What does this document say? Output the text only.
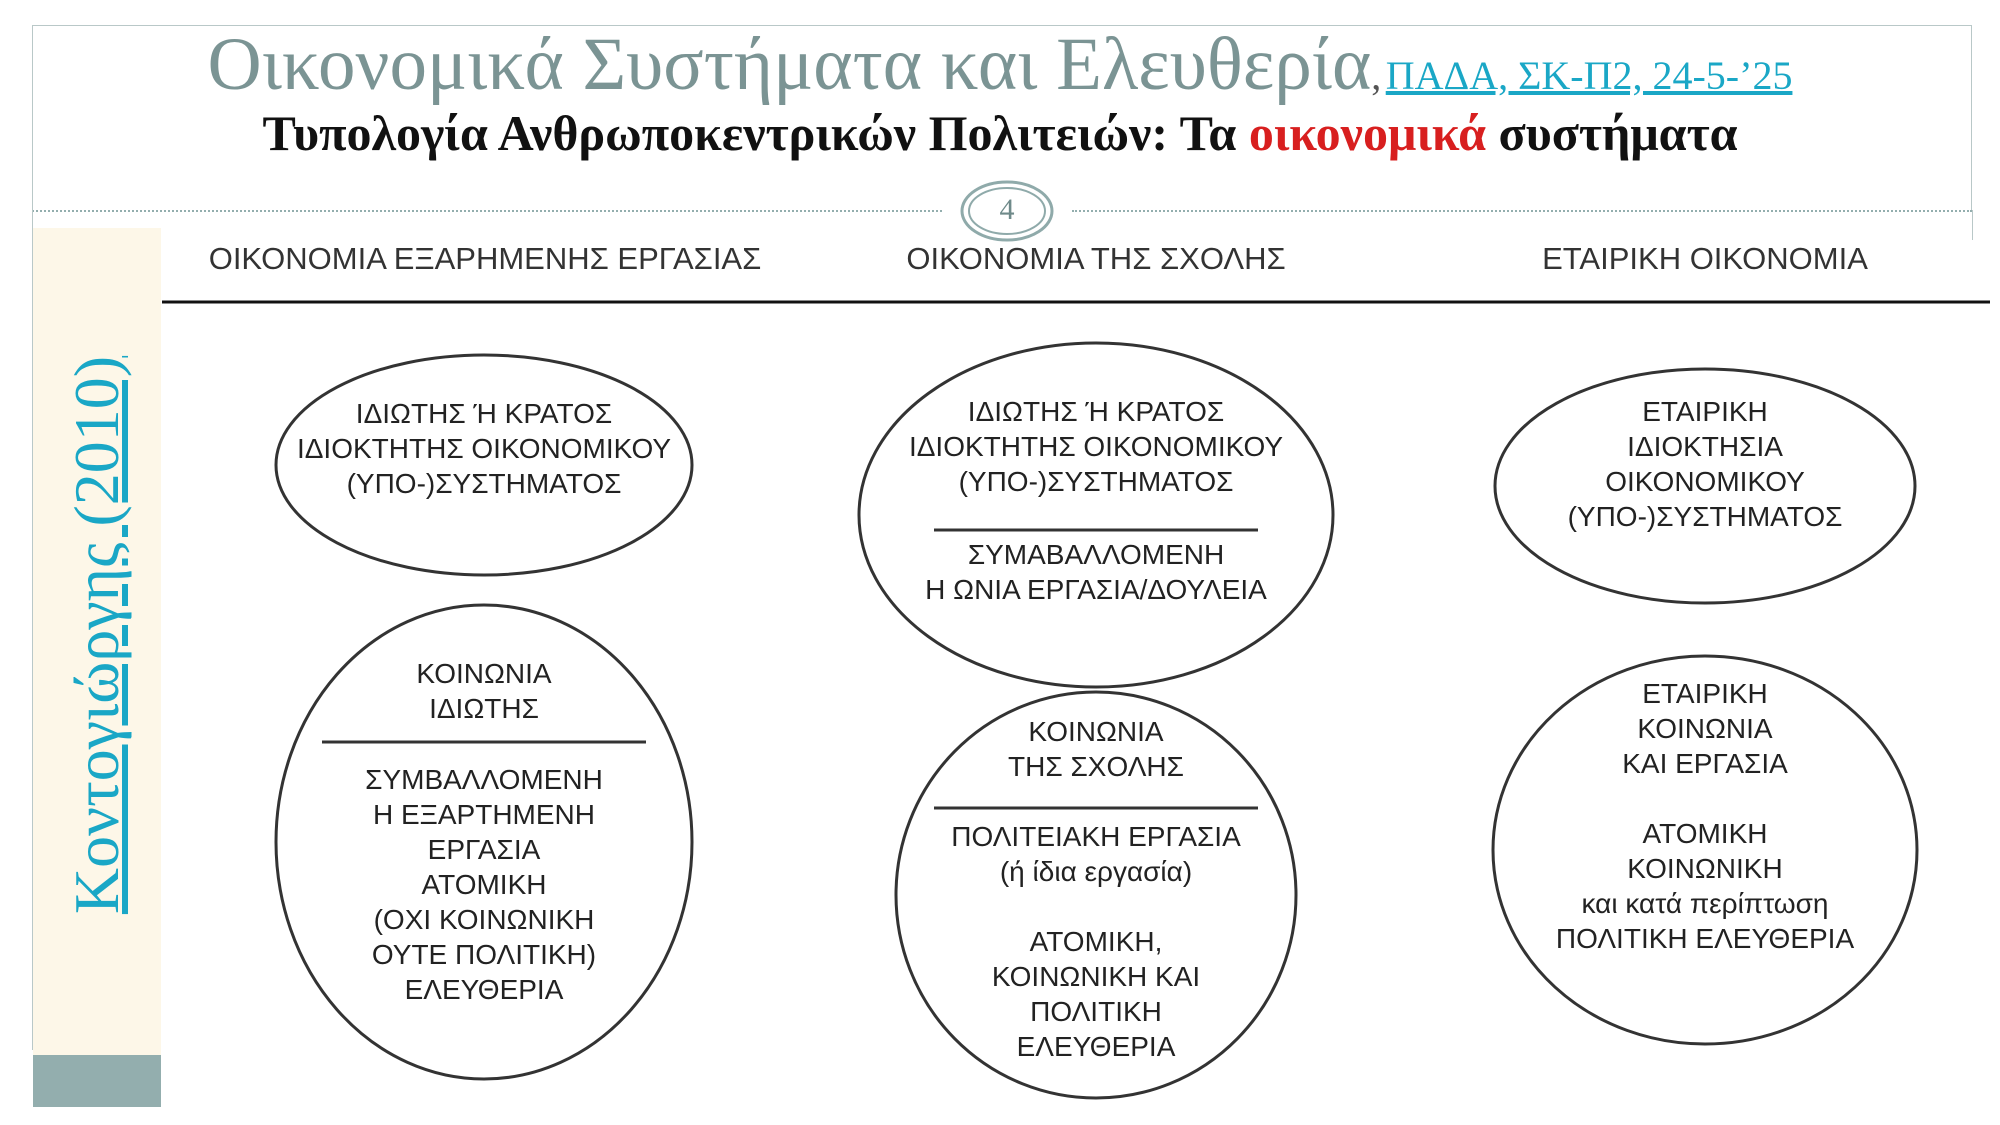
Οικονομικά Συστήματα και Ελευθερία, ΠΑΔΑ, ΣΚ-Π2, 24-5-’25
Τυπολογία Ανθρωποκεντρικών Πολιτειών: Τα οικονομικά συστήματα
4
Κοντογιώργης (2010)
ΟΙΚΟΝΟΜΙΑ ΕΞΑΡΗΜΕΝΗΣ ΕΡΓΑΣΙΑΣ
ΙΔΙΩΤΗΣ Ή ΚΡΑΤΟΣ
ΙΔΙΟΚΤΗΤΗΣ ΟΙΚΟΝΟΜΙΚΟΥ
(ΥΠΟ-)ΣΥΣΤΗΜΑΤΟΣ
ΚΟΙΝΩΝΙΑ
ΙΔΙΩΤΗΣ
ΣΥΜΒΑΛΛΟΜΕΝΗ
Η ΕΞΑΡΤΗΜΕΝΗ
ΕΡΓΑΣΙΑ
ΑΤΟΜΙΚΗ
(ΟΧΙ ΚΟΙΝΩΝΙΚΗ
ΟΥΤΕ ΠΟΛΙΤΙΚΗ)
ΕΛΕΥΘΕΡΙΑ
ΟΙΚΟΝΟΜΙΑ ΤΗΣ ΣΧΟΛΗΣ
ΙΔΙΩΤΗΣ Ή ΚΡΑΤΟΣ
ΙΔΙΟΚΤΗΤΗΣ ΟΙΚΟΝΟΜΙΚΟΥ
(ΥΠΟ-)ΣΥΣΤΗΜΑΤΟΣ
ΣΥΜΑΒΑΛΛΟΜΕΝΗ
Η ΩΝΙΑ ΕΡΓΑΣΙΑ/ΔΟΥΛΕΙΑ
ΚΟΙΝΩΝΙΑ
ΤΗΣ ΣΧΟΛΗΣ
ΠΟΛΙΤΕΙΑΚΗ ΕΡΓΑΣΙΑ
(ή ίδια εργασία)
ΑΤΟΜΙΚΗ,
ΚΟΙΝΩΝΙΚΗ ΚΑΙ
ΠΟΛΙΤΙΚΗ
ΕΛΕΥΘΕΡΙΑ
ΕΤΑΙΡΙΚΗ ΟΙΚΟΝΟΜΙΑ
ΕΤΑΙΡΙΚΗ
ΙΔΙΟΚΤΗΣΙΑ
ΟΙΚΟΝΟΜΙΚΟΥ
(ΥΠΟ-)ΣΥΣΤΗΜΑΤΟΣ
ΕΤΑΙΡΙΚΗ
ΚΟΙΝΩΝΙΑ
ΚΑΙ ΕΡΓΑΣΙΑ
ΑΤΟΜΙΚΗ
ΚΟΙΝΩΝΙΚΗ
και κατά περίπτωση
ΠΟΛΙΤΙΚΗ ΕΛΕΥΘΕΡΙΑ
